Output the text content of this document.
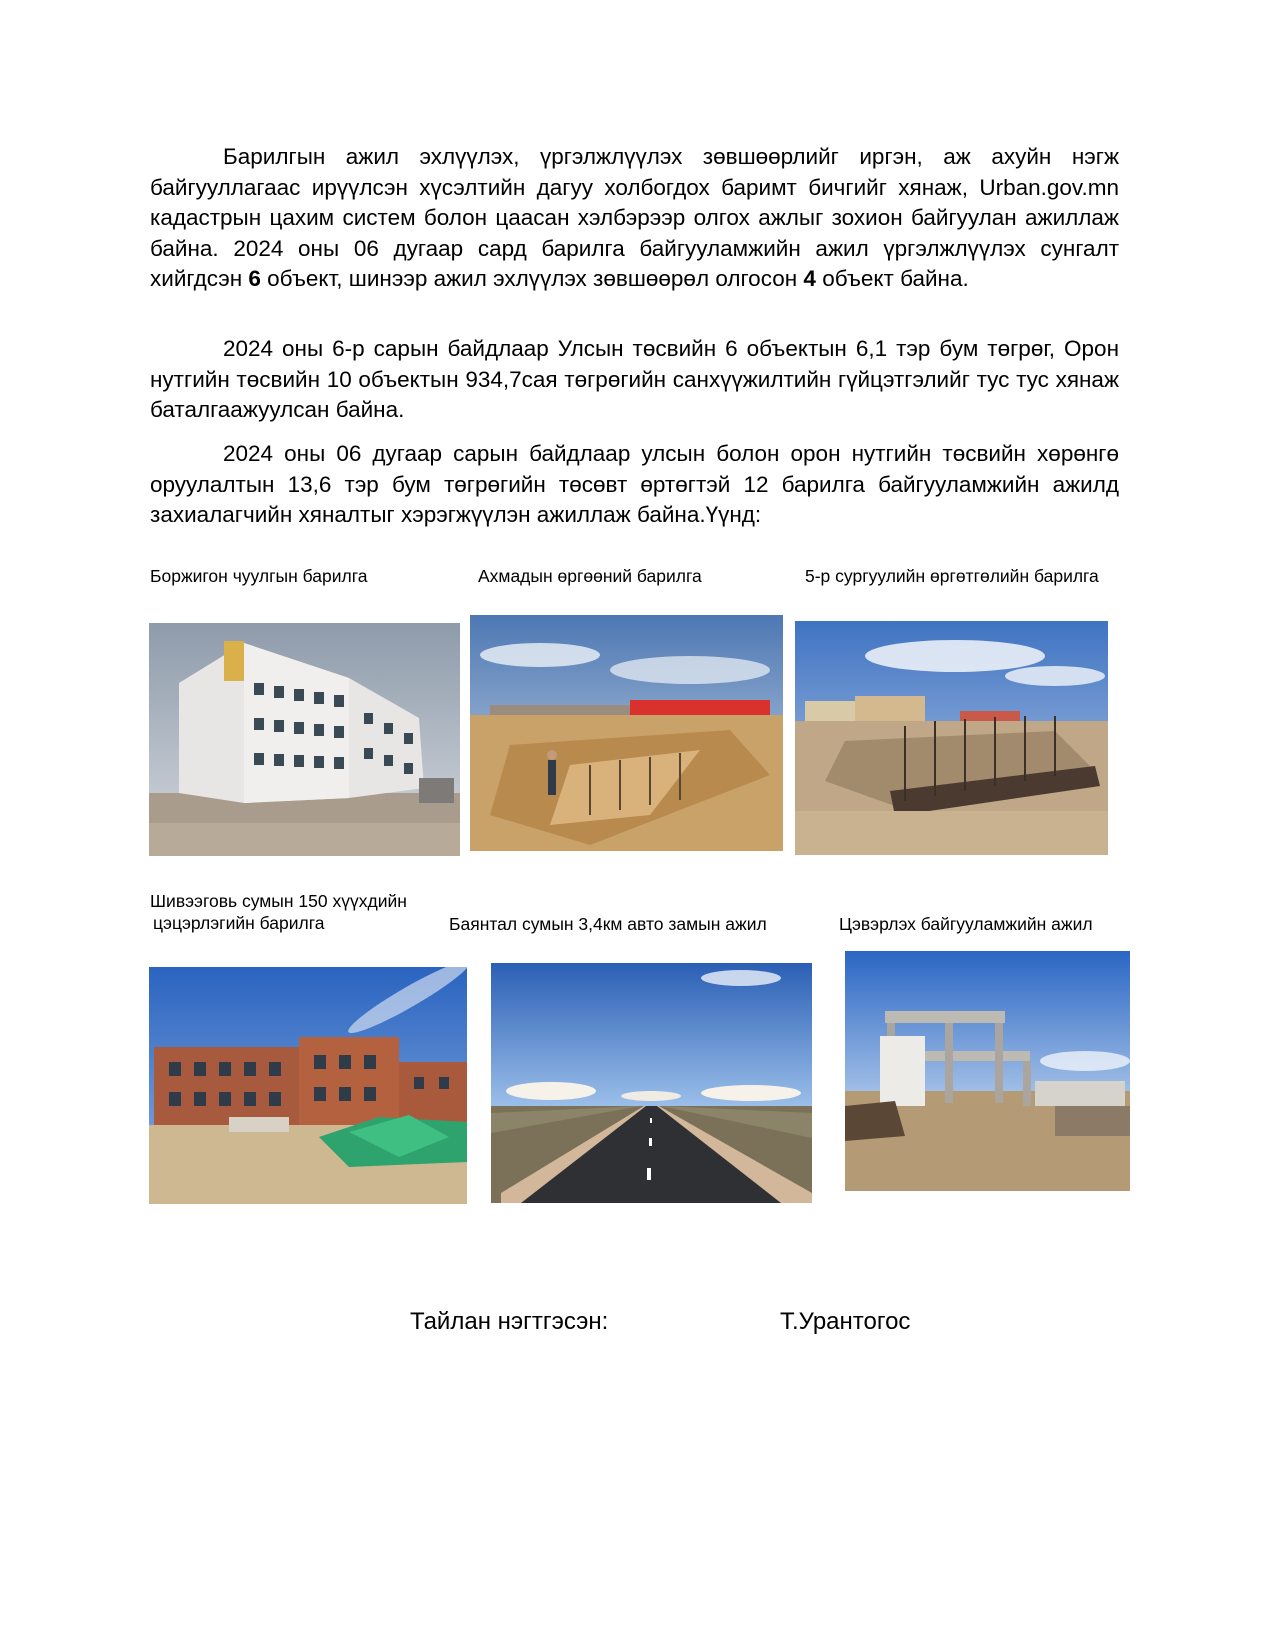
Барилгын ажил эхлүүлэх, үргэлжлүүлэх зөвшөөрлийг иргэн, аж ахуйн нэгж байгууллагаас ирүүлсэн хүсэлтийн дагуу холбогдох баримт бичгийг хянаж, Urban.gov.mn кадастрын цахим систем болон цаасан хэлбэрээр олгох ажлыг зохион байгуулан ажиллаж байна. 2024 оны 06 дугаар сард барилга байгууламжийн ажил үргэлжлүүлэх сунгалт хийгдсэн 6 объект, шинээр ажил эхлүүлэх зөвшөөрөл олгосон 4 объект байна.

2024 оны 6-р сарын байдлаар Улсын төсвийн 6 объектын 6,1 тэр бум төгрөг, Орон нутгийн төсвийн 10 объектын 934,7сая төгрөгийн санхүүжилтийн гүйцэтгэлийг тус тус хянаж баталгаажуулсан байна.

2024 оны 06 дугаар сарын байдлаар улсын болон орон нутгийн төсвийн хөрөнгө оруулалтын 13,6 тэр бум төгрөгийн төсөвт өртөгтэй 12 барилга байгууламжийн ажилд захиалагчийн хяналтыг хэрэгжүүлэн ажиллаж байна.Үүнд:

Боржигон чуулгын барилга	Ахмадын өргөөний барилга	5-р сургуулийн өргөтгөлийн барилга
Шивээговь сумын 150 хүүхдийн
цэцэрлэгийн барилга	Баянтал сумын 3,4км авто замын ажил	Цэвэрлэх байгууламжийн ажил
Тайлан нэгтгэсэн:	Т.Урантогос
